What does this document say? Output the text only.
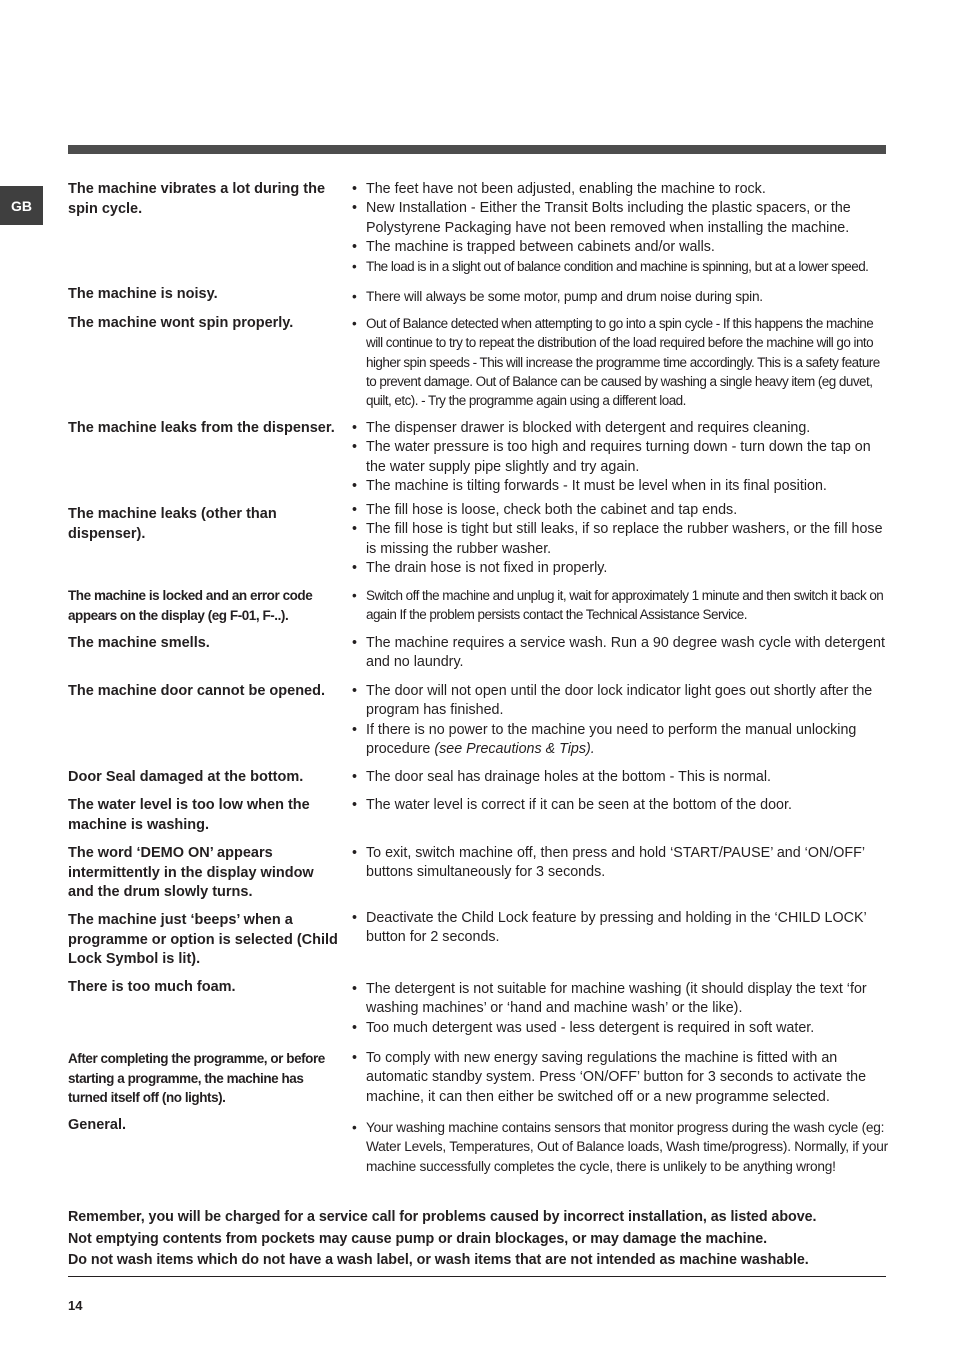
GB
The machine vibrates a lot during the spin cycle.
• The feet have not been adjusted, enabling the machine to rock.
• New Installation - Either the Transit Bolts including the plastic spacers, or the Polystyrene Packaging have not been removed when installing the machine.
• The machine is trapped between cabinets and/or walls.
• The load is in a slight out of balance condition and machine is spinning, but at a lower speed.
The machine is noisy.	• There will always be some motor, pump and drum noise during spin.
The machine wont spin properly.	• Out of Balance detected when attempting to go into a spin cycle - If this happens the machine will continue to try to repeat the distribution of the load required before the machine will go into higher spin speeds - This will increase the programme time accordingly. This is a safety feature to prevent damage. Out of Balance can be caused by washing a single heavy item (eg duvet, quilt, etc). - Try the programme again using a different load.
The machine leaks from the dispenser.	• The dispenser drawer is blocked with detergent and requires cleaning.
• The water pressure is too high and requires turning down - turn down the tap on the water supply pipe slightly and try again.
• The machine is tilting forwards - It must be level when in its final position.
The machine leaks (other than dispenser).
• The fill hose is loose, check both the cabinet and tap ends.
• The fill hose is tight but still leaks, if so replace the rubber washers, or the fill hose is missing the rubber washer.
• The drain hose is not fixed in properly.
The machine is locked and an error code appears on the display (eg F-01, F-..).
• Switch off the machine and unplug it, wait for approximately 1 minute and then switch it back on again If the problem persists contact the Technical Assistance Service.
The machine smells.	• The machine requires a service wash. Run a 90 degree wash cycle with detergent and no laundry.
The machine door cannot be opened.	• The door will not open until the door lock indicator light goes out shortly after the program has finished.
• If there is no power to the machine you need to perform the manual unlocking procedure (see Precautions & Tips).
Door Seal damaged at the bottom.	• The door seal has drainage holes at the bottom - This is normal.
The water level is too low when the machine is washing.
• The water level is correct if it can be seen at the bottom of the door.
The word ‘DEMO ON’ appears intermittently in the display window and the drum slowly turns.
• To exit, switch machine off, then press and hold ‘START/PAUSE’ and ‘ON/OFF’ buttons simultaneously for 3 seconds.
The machine just ‘beeps’ when a programme or option is selected (Child Lock Symbol is lit).
• Deactivate the Child Lock feature by pressing and holding in the ‘CHILD LOCK’ button for 2 seconds.
There is too much foam.	• The detergent is not suitable for machine washing (it should display the text ‘for washing machines’ or ‘hand and machine wash’ or the like).
• Too much detergent was used - less detergent is required in soft water.
After completing the programme, or before starting a programme, the machine has turned itself off (no lights).
• To comply with new energy saving regulations the machine is fitted with an automatic standby system. Press ‘ON/OFF’ button for 3 seconds to activate the machine, it can then either be switched off or a new programme selected.
General.	• Your washing machine contains sensors that monitor progress during the wash cycle (eg: Water Levels, Temperatures, Out of Balance loads, Wash time/progress). Normally, if your machine successfully completes the cycle, there is unlikely to be anything wrong!
Remember, you will be charged for a service call for problems caused by incorrect installation, as listed above.
Not emptying contents from pockets may cause pump or drain blockages, or may damage the machine.
Do not wash items which do not have a wash label, or wash items that are not intended as machine washable.
14
